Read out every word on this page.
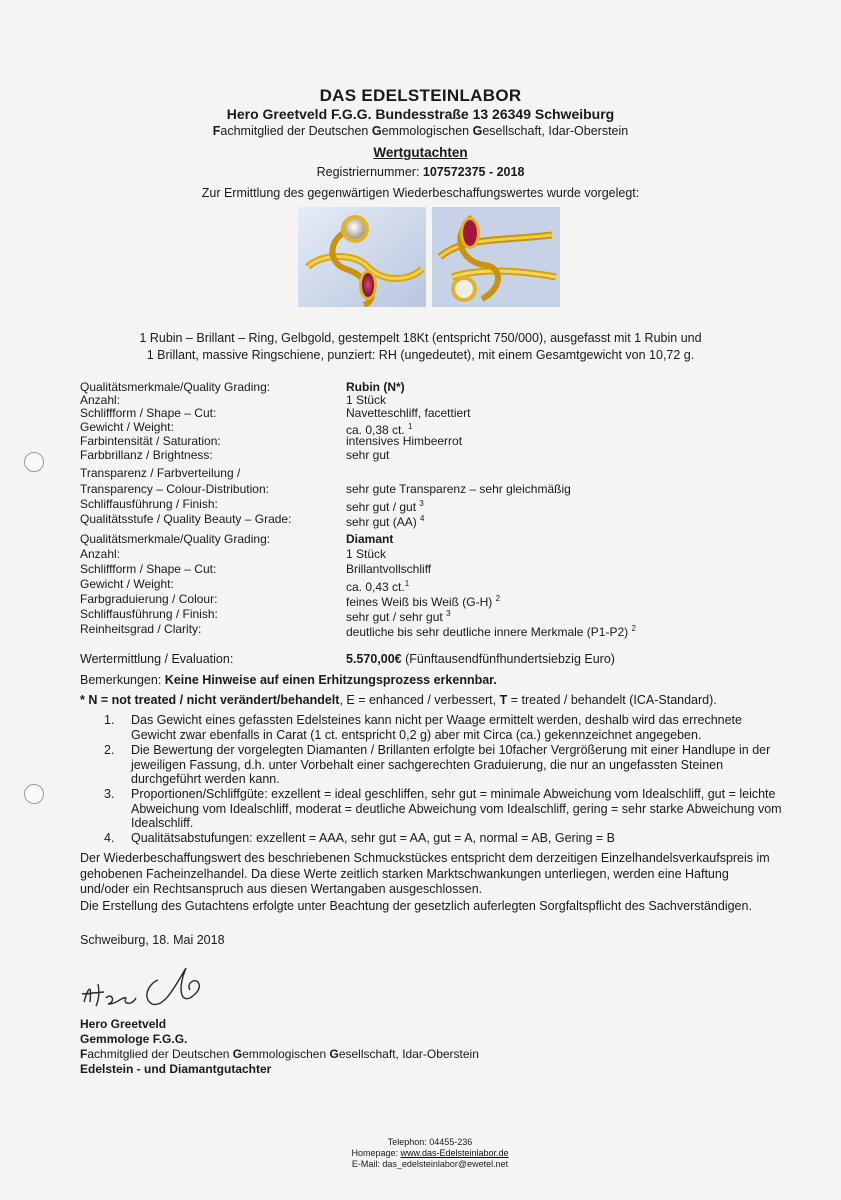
DAS EDELSTEINLABOR
Hero Greetveld F.G.G. Bundesstraße 13 26349 Schweiburg
Fachmitglied der Deutschen Gemmologischen Gesellschaft, Idar-Oberstein
Wertgutachten
Registriernummer: 107572375 - 2018
Zur Ermittlung des gegenwärtigen Wiederbeschaffungswertes wurde vorgelegt:
1 Rubin – Brillant – Ring, Gelbgold, gestempelt 18Kt (entspricht 750/000), ausgefasst mit 1 Rubin und
1 Brillant, massive Ringschiene, punziert: RH (ungedeutet), mit einem Gesamtgewicht von 10,72 g.
Qualitätsmerkmale/Quality Grading:	Rubin (N*)
Anzahl:	1 Stück
Schliffform / Shape – Cut:	Navetteschliff, facettiert
Gewicht / Weight:	ca. 0,38 ct. $^1$
Farbintensität / Saturation:	intensives Himbeerrot
Farbbrillanz / Brightness:	sehr gut
Transparenz / Farbverteilung /
Transparency – Colour-Distribution:	sehr gute Transparenz – sehr gleichmäßig
Schliffausführung / Finish:	sehr gut / gut $^3$
Qualitätsstufe / Quality Beauty – Grade:	sehr gut (AA) $^4$
Qualitätsmerkmale/Quality Grading:	Diamant
Anzahl:	1 Stück
Schliffform / Shape – Cut:	Brillantvollschliff
Gewicht / Weight:	ca. 0,43 ct.$^1$
Farbgraduierung / Colour:	feines Weiß bis Weiß (G-H) $^2$
Schliffausführung / Finish:	sehr gut / sehr gut $^3$
Reinheitsgrad / Clarity:	deutliche bis sehr deutliche innere Merkmale (P1-P2) $^2$
Wertermittlung / Evaluation:	5.570,00€ (Fünftausendfünfhundertsiebzig Euro)
Bemerkungen: Keine Hinweise auf einen Erhitzungsprozess erkennbar.
* N = not treated / nicht verändert/behandelt, E = enhanced / verbessert, T = treated / behandelt (ICA-Standard).
1. Das Gewicht eines gefassten Edelsteines kann nicht per Waage ermittelt werden, deshalb wird das errechnete Gewicht zwar ebenfalls in Carat (1 ct. entspricht 0,2 g) aber mit Circa (ca.) gekennzeichnet angegeben.
2. Die Bewertung der vorgelegten Diamanten / Brillanten erfolgte bei 10facher Vergrößerung mit einer Handlupe in der jeweiligen Fassung, d.h. unter Vorbehalt einer sachgerechten Graduierung, die nur an ungefassten Steinen durchgeführt werden kann.
3. Proportionen/Schliffgüte: exzellent = ideal geschliffen, sehr gut = minimale Abweichung vom Idealschliff, gut = leichte Abweichung vom Idealschliff, moderat = deutliche Abweichung vom Idealschliff, gering = sehr starke Abweichung vom Idealschliff.
4. Qualitätsabstufungen: exzellent = AAA, sehr gut = AA, gut = A, normal = AB, Gering = B
Der Wiederbeschaffungswert des beschriebenen Schmuckstückes entspricht dem derzeitigen Einzelhandelsverkaufspreis im gehobenen Facheinzelhandel. Da diese Werte zeitlich starken Marktschwankungen unterliegen, werden eine Haftung und/oder ein Rechtsanspruch aus diesen Wertangaben ausgeschlossen.
Die Erstellung des Gutachtens erfolgte unter Beachtung der gesetzlich auferlegten Sorgfaltspflicht des Sachverständigen.
Schweiburg, 18. Mai 2018
Hero Greetveld
Gemmologe F.G.G.
Fachmitglied der Deutschen Gemmologischen Gesellschaft, Idar-Oberstein
Edelstein - und Diamantgutachter
Telephon: 04455-236
Homepage: www.das-Edelsteinlabor.de
E-Mail: das_edelsteinlabor@ewetel.net
